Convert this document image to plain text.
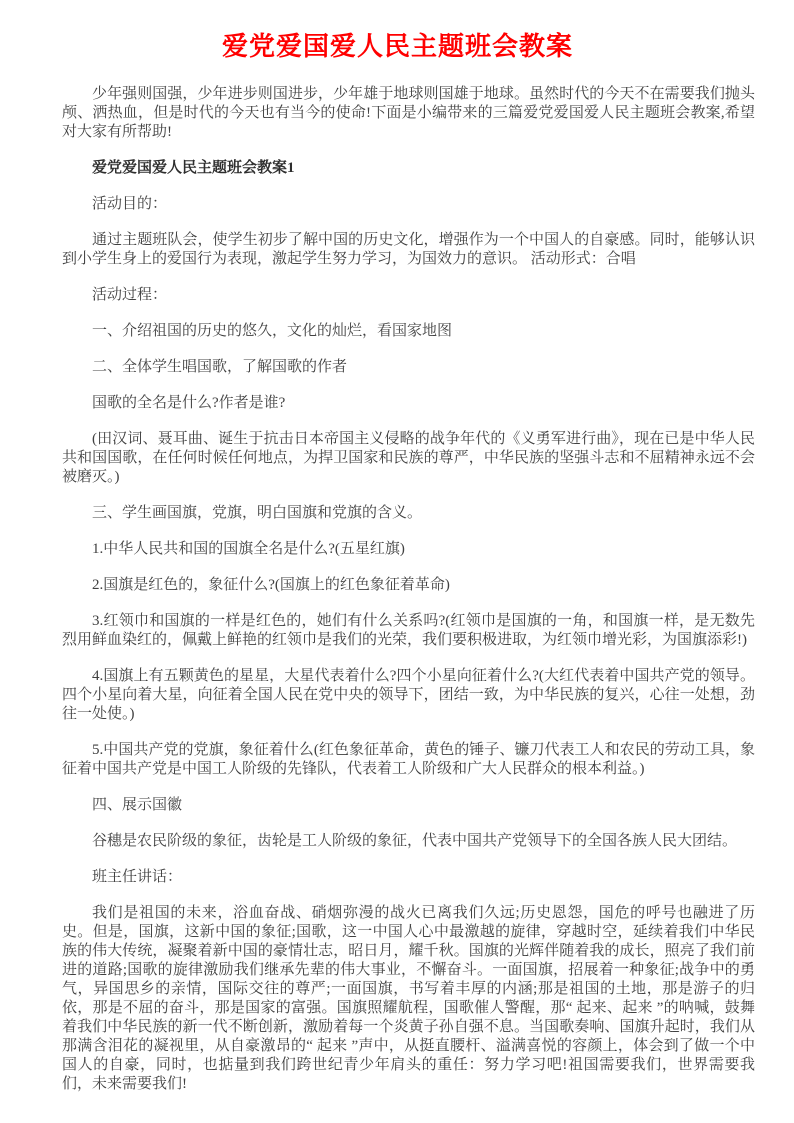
爱党爱国爱人民主题班会教案

少年强则国强，少年进步则国进步，少年雄于地球则国雄于地球。虽然时代的今天不在需要我们抛头颅、洒热血，但是时代的今天也有当今的使命!下面是小编带来的三篇爱党爱国爱人民主题班会教案,希望对大家有所帮助!

爱党爱国爱人民主题班会教案1

活动目的：

通过主题班队会，使学生初步了解中国的历史文化，增强作为一个中国人的自豪感。同时，能够认识到小学生身上的爱国行为表现，激起学生努力学习，为国效力的意识。 活动形式：合唱

活动过程：

一、介绍祖国的历史的悠久，文化的灿烂，看国家地图

二、全体学生唱国歌，了解国歌的作者

国歌的全名是什么?作者是谁?

(田汉词、聂耳曲、诞生于抗击日本帝国主义侵略的战争年代的《义勇军进行曲》，现在已是中华人民共和国国歌，在任何时候任何地点，为捍卫国家和民族的尊严，中华民族的坚强斗志和不屈精神永远不会被磨灭。)

三、学生画国旗，党旗，明白国旗和党旗的含义。

1.中华人民共和国的国旗全名是什么?(五星红旗)

2.国旗是红色的，象征什么?(国旗上的红色象征着革命)

3.红领巾和国旗的一样是红色的，她们有什么关系吗?(红领巾是国旗的一角，和国旗一样，是无数先烈用鲜血染红的，佩戴上鲜艳的红领巾是我们的光荣，我们要积极进取，为红领巾增光彩，为国旗添彩!)

4.国旗上有五颗黄色的星星，大星代表着什么?四个小星向征着什么?(大红代表着中国共产党的领导。四个小星向着大星，向征着全国人民在党中央的领导下，团结一致，为中华民族的复兴，心往一处想，劲往一处使。)

5.中国共产党的党旗，象征着什么(红色象征革命，黄色的锤子、镰刀代表工人和农民的劳动工具，象征着中国共产党是中国工人阶级的先锋队，代表着工人阶级和广大人民群众的根本利益。)

四、展示国徽

谷穗是农民阶级的象征，齿轮是工人阶级的象征，代表中国共产党领导下的全国各族人民大团结。

班主任讲话：

我们是祖国的未来，浴血奋战、硝烟弥漫的战火已离我们久远;历史恩怨，国危的呼号也融进了历史。但是，国旗，这新中国的象征;国歌，这一中国人心中最激越的旋律，穿越时空，延续着我们中华民族的伟大传统，凝聚着新中国的豪情壮志，昭日月，耀千秋。国旗的光辉伴随着我的成长，照亮了我们前进的道路;国歌的旋律激励我们继承先辈的伟大事业，不懈奋斗。一面国旗，招展着一种象征;战争中的勇气，异国思乡的亲情，国际交往的尊严;一面国旗，书写着丰厚的内涵;那是祖国的土地，那是游子的归依，那是不屈的奋斗，那是国家的富强。国旗照耀航程，国歌催人警醒，那“ 起来、起来 ”的呐喊，鼓舞着我们中华民族的新一代不断创新，激励着每一个炎黄子孙自强不息。当国歌奏响、国旗升起时，我们从那满含泪花的凝视里，从自豪激昂的“ 起来 ”声中，从挺直腰杆、溢满喜悦的容颜上，体会到了做一个中国人的自豪，同时，也掂量到我们跨世纪青少年肩头的重任：努力学习吧!祖国需要我们，世界需要我们，未来需要我们!
